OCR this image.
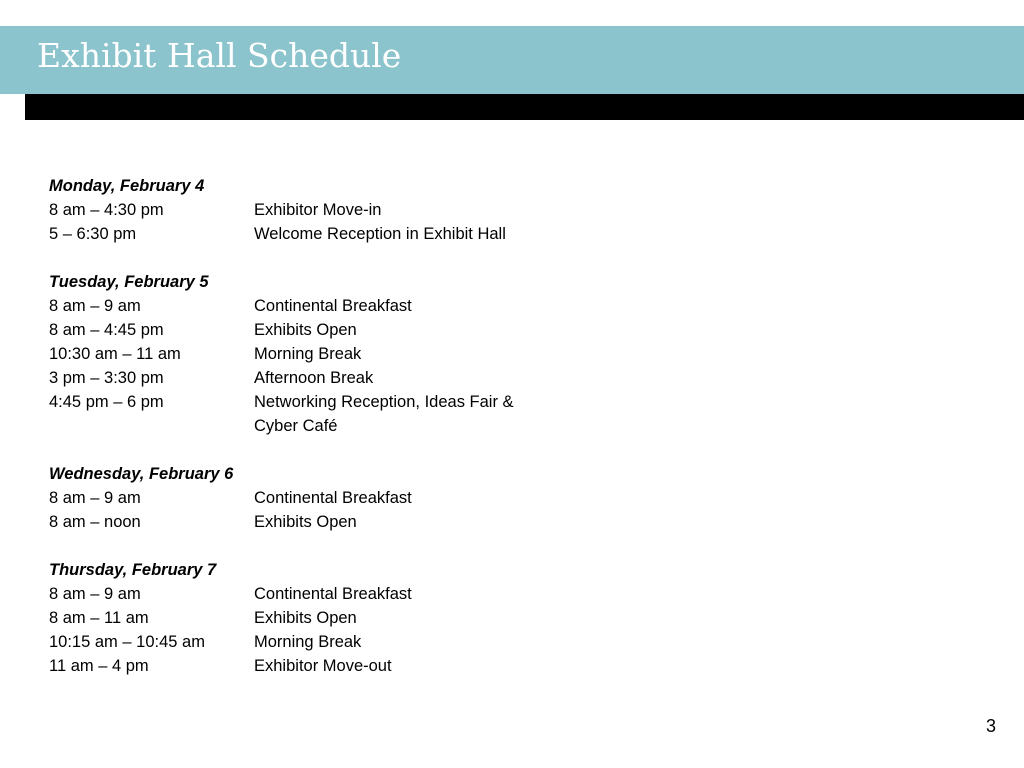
Exhibit Hall Schedule
Monday, February 4
8 am – 4:30 pm	Exhibitor Move-in
5 – 6:30 pm	Welcome Reception in Exhibit Hall
Tuesday, February 5
8 am – 9 am	Continental Breakfast
8 am – 4:45 pm	Exhibits Open
10:30 am – 11 am	Morning Break
3 pm – 3:30 pm	Afternoon Break
4:45 pm – 6 pm	Networking Reception, Ideas Fair & Cyber Café
Wednesday, February 6
8 am – 9 am	Continental Breakfast
8 am – noon	Exhibits Open
Thursday, February 7
8 am – 9 am	Continental Breakfast
8 am – 11 am	Exhibits Open
10:15 am – 10:45 am	Morning Break
11 am – 4 pm	Exhibitor Move-out
3
